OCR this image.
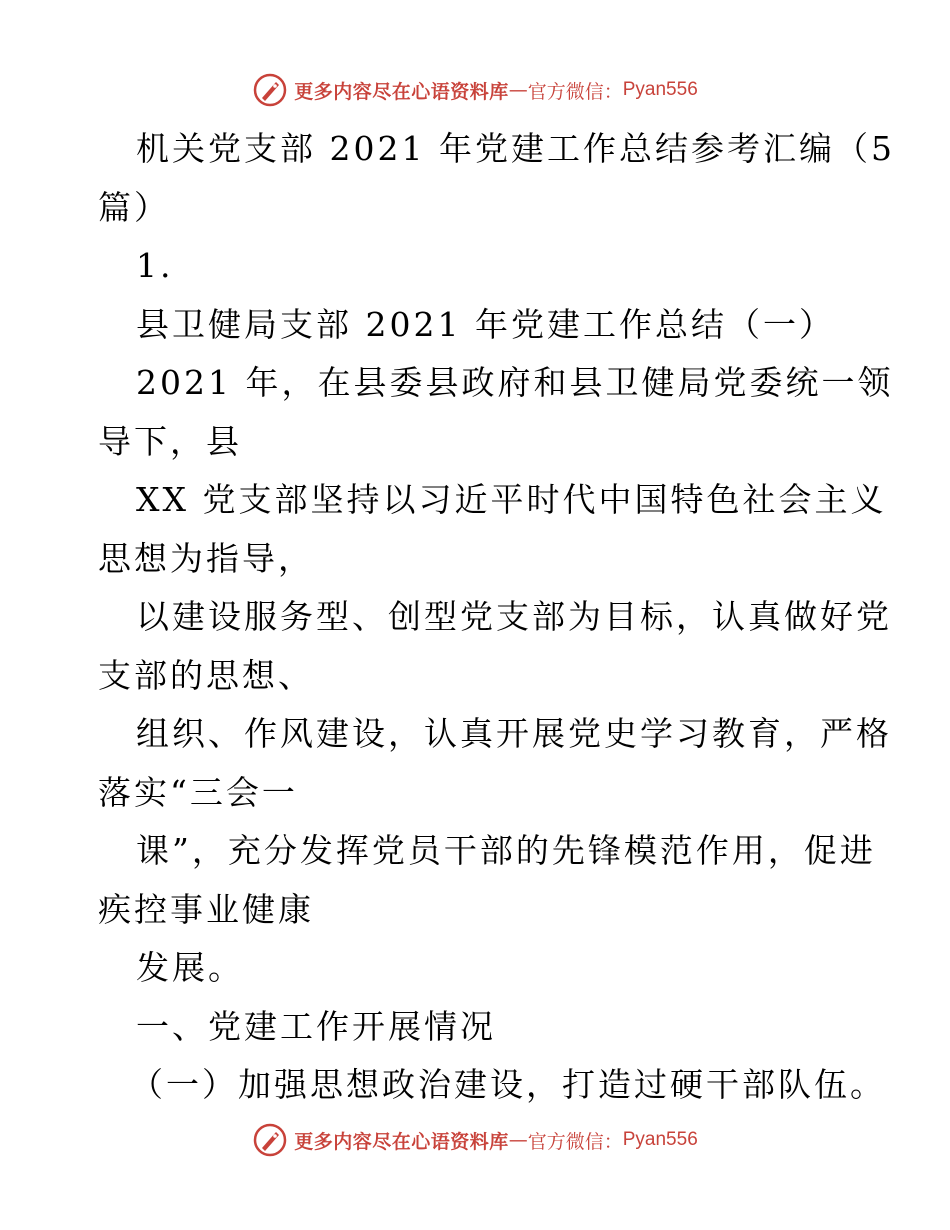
更多内容尽在心语资料库 — 官方微信： Pyan556
机关党支部 2021 年党建工作总结参考汇编（5
篇）
1.
县卫健局支部 2021 年党建工作总结（一）
2021 年，在县委县政府和县卫健局党委统一领
导下，县
XX 党支部坚持以习近平时代中国特色社会主义
思想为指导，
以建设服务型、创型党支部为目标，认真做好党
支部的思想、
组织、作风建设，认真开展党史学习教育，严格
落实“三会一
课”，充分发挥党员干部的先锋模范作用，促进
疾控事业健康
发展。
一、党建工作开展情况
（一）加强思想政治建设，打造过硬干部队伍。
更多内容尽在心语资料库 — 官方微信： Pyan556
